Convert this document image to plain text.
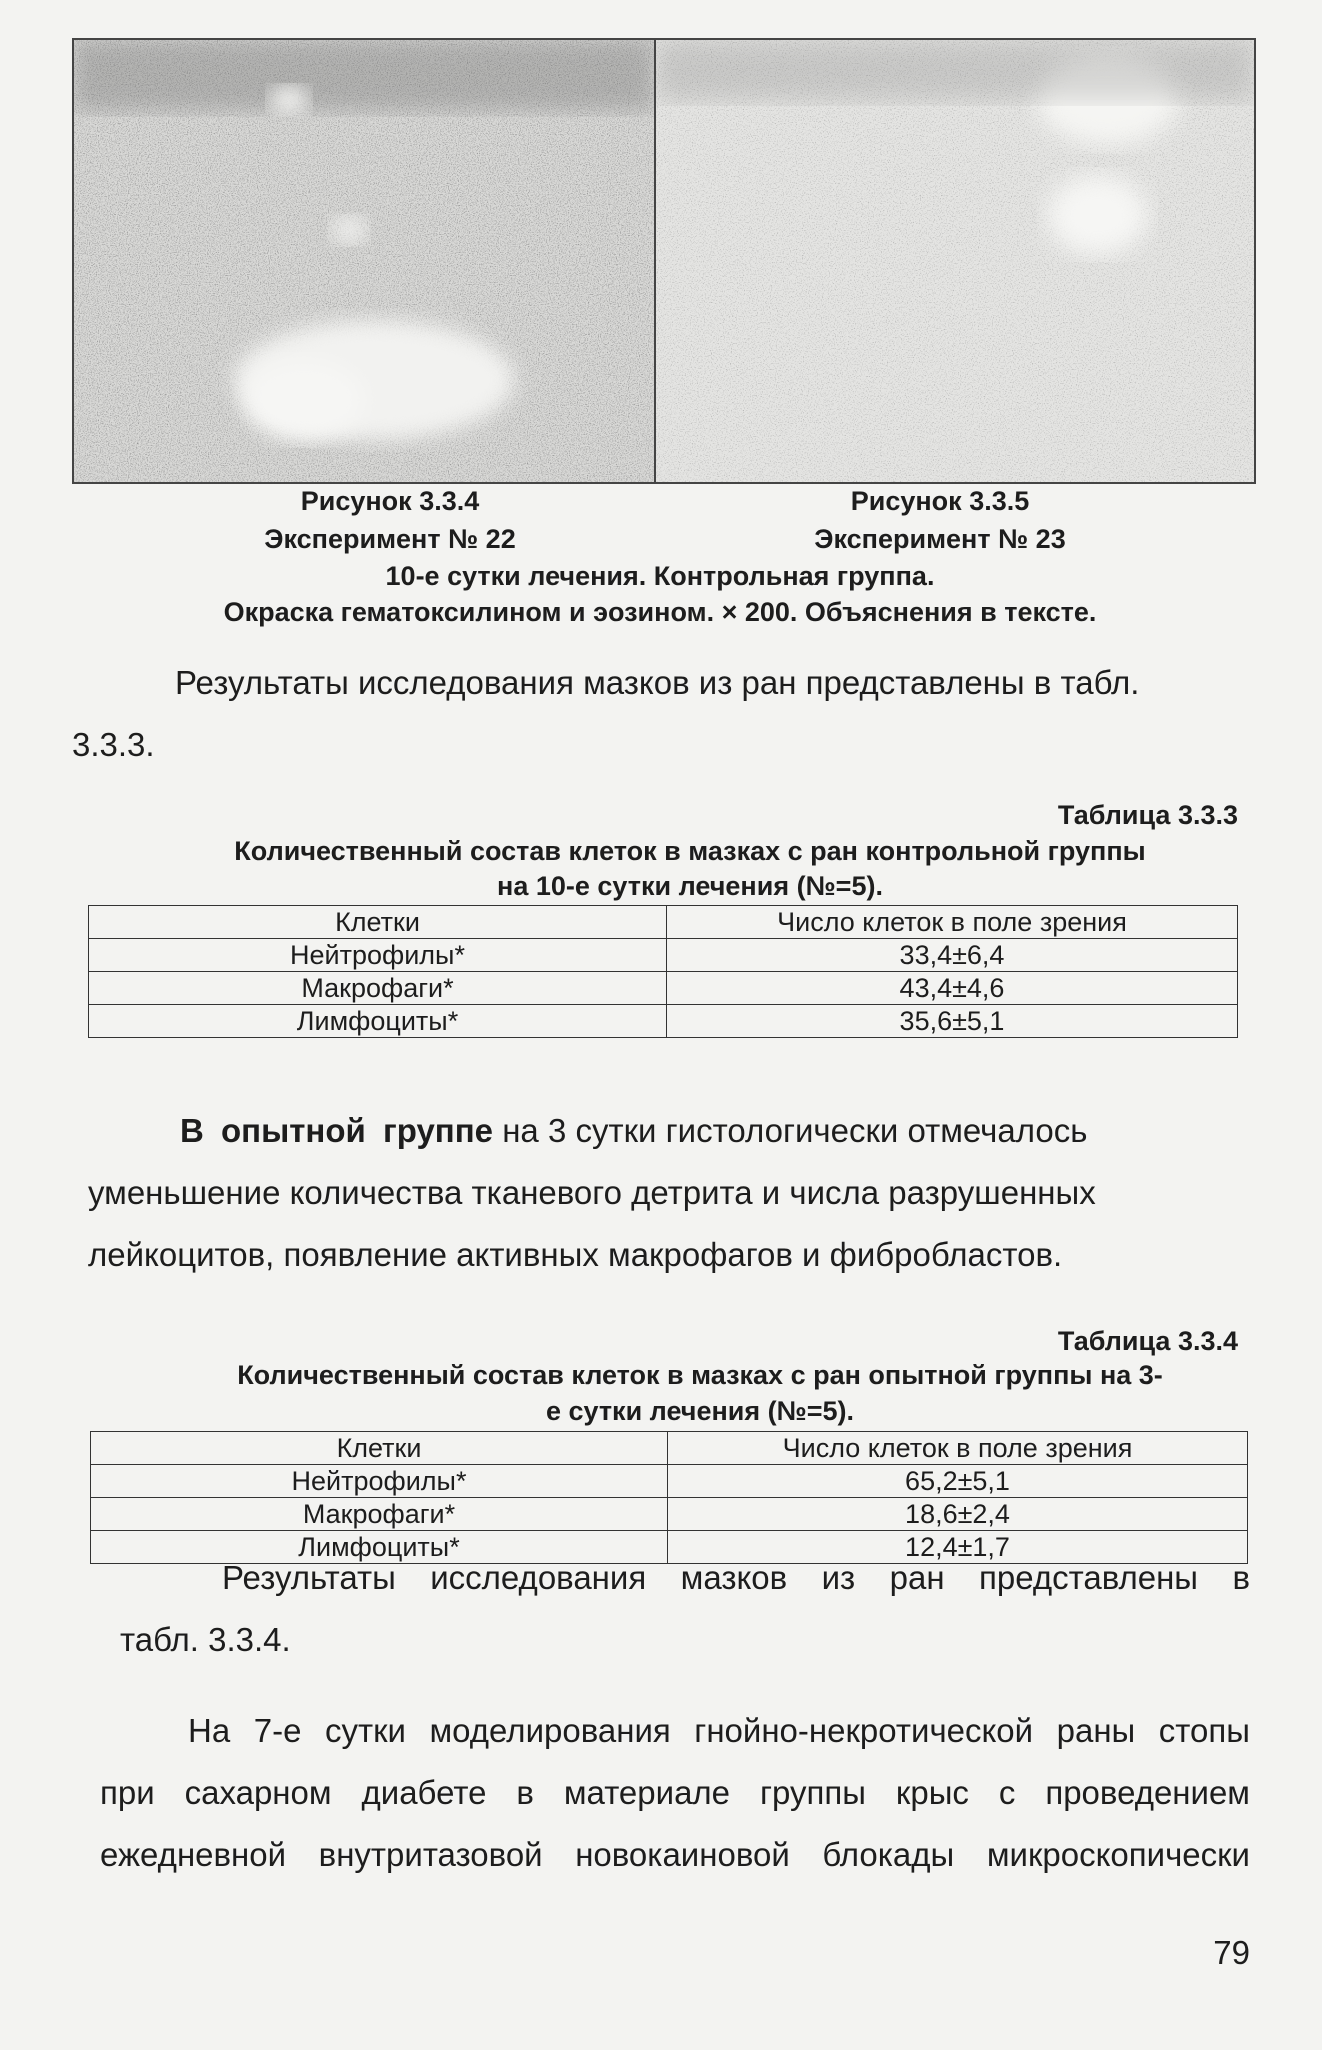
Рисунок 3.3.4	Рисунок 3.3.5
Эксперимент № 22	Эксперимент № 23
10-е сутки лечения. Контрольная группа.
Окраска гематоксилином и эозином. × 200. Объяснения в тексте.
Результаты исследования мазков из ран представлены в табл.
3.3.3.
Таблица 3.3.3
Количественный состав клеток в мазках с ран контрольной группы
на 10-е сутки лечения (№=5).
Клетки	Число клеток в поле зрения
Нейтрофилы*	33,4±6,4
Макрофаги*	43,4±4,6
Лимфоциты*	35,6±5,1
В опытной группе на 3 сутки гистологически отмечалось
уменьшение количества тканевого детрита и числа разрушенных
лейкоцитов, появление активных макрофагов и фибробластов.
Таблица 3.3.4
Количественный состав клеток в мазках с ран опытной группы на 3-
е сутки лечения (№=5).
Клетки	Число клеток в поле зрения
Нейтрофилы*	65,2±5,1
Макрофаги*	18,6±2,4
Лимфоциты*	12,4±1,7
Результаты исследования мазков из ран представлены в
табл. 3.3.4.
На 7-е сутки моделирования гнойно-некротической раны стопы
при сахарном диабете в материале группы крыс с проведением
ежедневной внутритазовой новокаиновой блокады микроскопически
79
